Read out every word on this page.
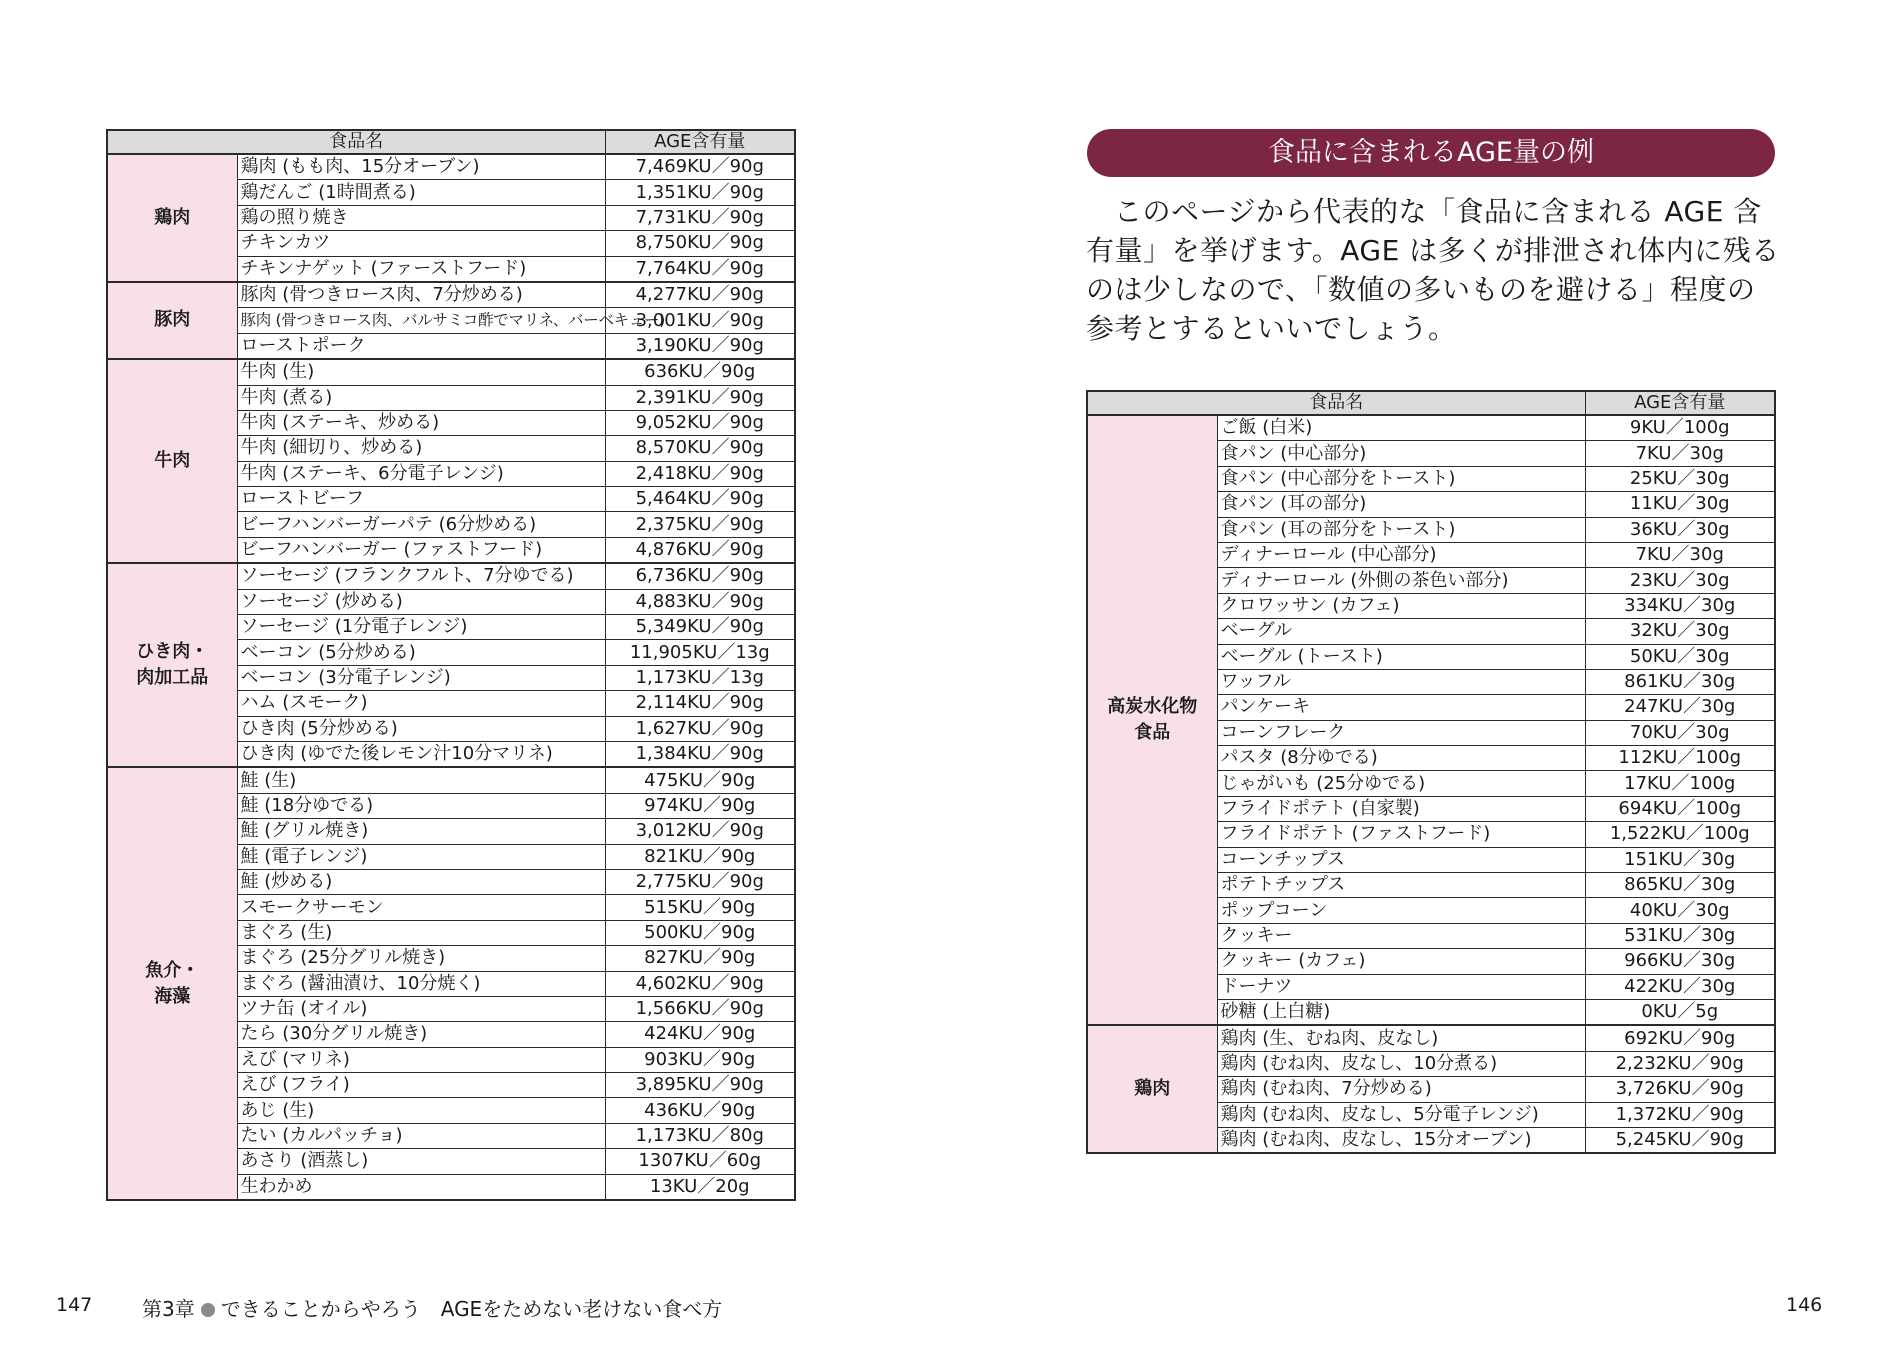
食品名		AGE含有量
鶏肉	鶏肉 (もも肉、15分オーブン)	7,469KU／90g
	鶏だんご (1時間煮る)	1,351KU／90g
	鶏の照り焼き	7,731KU／90g
	チキンカツ	8,750KU／90g
	チキンナゲット (ファーストフード)	7,764KU／90g
豚肉	豚肉 (骨つきロース肉、7分炒める)	4,277KU／90g
	豚肉 (骨つきロース肉、バルサミコ酢でマリネ、バーベキュー)	3,001KU／90g
	ローストポーク	3,190KU／90g
牛肉	牛肉 (生)	636KU／90g
	牛肉 (煮る)	2,391KU／90g
	牛肉 (ステーキ、炒める)	9,052KU／90g
	牛肉 (細切り、炒める)	8,570KU／90g
	牛肉 (ステーキ、6分電子レンジ)	2,418KU／90g
	ローストビーフ	5,464KU／90g
	ビーフハンバーガーパテ (6分炒める)	2,375KU／90g
	ビーフハンバーガー (ファストフード)	4,876KU／90g
ひき肉・
肉加工品	ソーセージ (フランクフルト、7分ゆでる)	6,736KU／90g
	ソーセージ (炒める)	4,883KU／90g
	ソーセージ (1分電子レンジ)	5,349KU／90g
	ベーコン (5分炒める)	11,905KU／13g
	ベーコン (3分電子レンジ)	1,173KU／13g
	ハム (スモーク)	2,114KU／90g
	ひき肉 (5分炒める)	1,627KU／90g
	ひき肉 (ゆでた後レモン汁10分マリネ)	1,384KU／90g
魚介・
海藻	鮭 (生)	475KU／90g
	鮭 (18分ゆでる)	974KU／90g
	鮭 (グリル焼き)	3,012KU／90g
	鮭 (電子レンジ)	821KU／90g
	鮭 (炒める)	2,775KU／90g
	スモークサーモン	515KU／90g
	まぐろ (生)	500KU／90g
	まぐろ (25分グリル焼き)	827KU／90g
	まぐろ (醤油漬け、10分焼く)	4,602KU／90g
	ツナ缶 (オイル)	1,566KU／90g
	たら (30分グリル焼き)	424KU／90g
	えび (マリネ)	903KU／90g
	えび (フライ)	3,895KU／90g
	あじ (生)	436KU／90g
	たい (カルパッチョ)	1,173KU／80g
	あさり (酒蒸し)	1307KU／60g
	生わかめ	13KU／20g
食品に含まれるAGE量の例

このページから代表的な「食品に含まれる AGE 含有量」を挙げます。AGE は多くが排泄され体内に残るのは少しなので、「数値の多いものを避ける」程度の参考とするといいでしょう。

食品名		AGE含有量
高炭水化物
食品	ご飯 (白米)	9KU／100g
	食パン (中心部分)	7KU／30g
	食パン (中心部分をトースト)	25KU／30g
	食パン (耳の部分)	11KU／30g
	食パン (耳の部分をトースト)	36KU／30g
	ディナーロール (中心部分)	7KU／30g
	ディナーロール (外側の茶色い部分)	23KU／30g
	クロワッサン (カフェ)	334KU／30g
	ベーグル	32KU／30g
	ベーグル (トースト)	50KU／30g
	ワッフル	861KU／30g
	パンケーキ	247KU／30g
	コーンフレーク	70KU／30g
	パスタ (8分ゆでる)	112KU／100g
	じゃがいも (25分ゆでる)	17KU／100g
	フライドポテト (自家製)	694KU／100g
	フライドポテト (ファストフード)	1,522KU／100g
	コーンチップス	151KU／30g
	ポテトチップス	865KU／30g
	ポップコーン	40KU／30g
	クッキー	531KU／30g
	クッキー (カフェ)	966KU／30g
	ドーナツ	422KU／30g
	砂糖 (上白糖)	0KU／5g
鶏肉	鶏肉 (生、むね肉、皮なし)	692KU／90g
	鶏肉 (むね肉、皮なし、10分煮る)	2,232KU／90g
	鶏肉 (むね肉、7分炒める)	3,726KU／90g
	鶏肉 (むね肉、皮なし、5分電子レンジ)	1,372KU／90g
	鶏肉 (むね肉、皮なし、15分オーブン)	5,245KU／90g
147 第3章 できることからやろう　AGEをためない老けない食べ方	146
